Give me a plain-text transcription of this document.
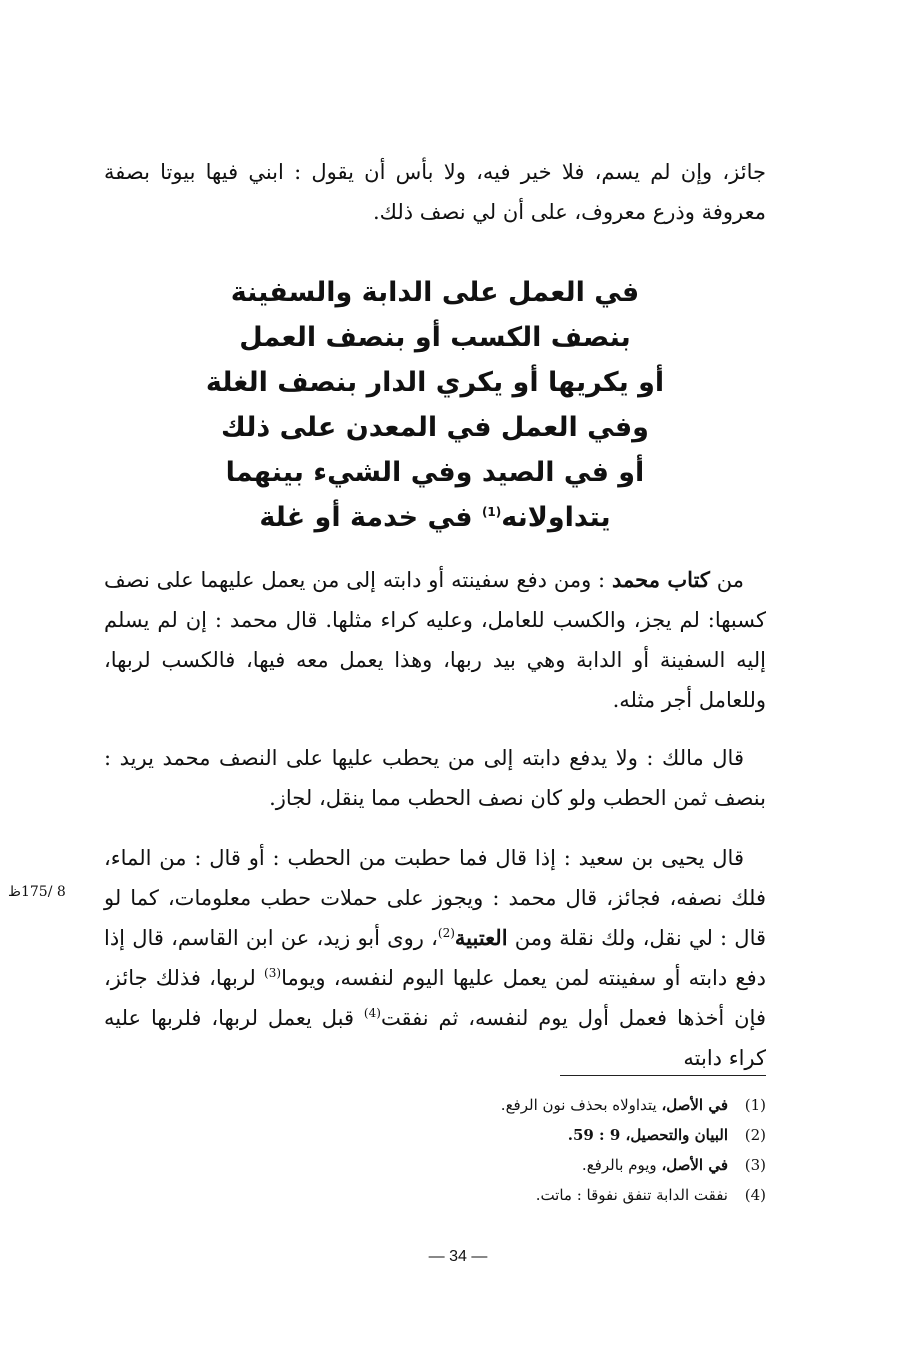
جائز، وإن لم يسم، فلا خير فيه، ولا بأس أن يقول : ابني فيها بيوتا بصفة معروفة وذرع معروف، على أن لي نصف ذلك.

في العمل على الدابة والسفينة
بنصف الكسب أو بنصف العمل
أو يكريها أو يكري الدار بنصف الغلة
وفي العمل في المعدن على ذلك
أو في الصيد وفي الشيء بينهما
يتداولانه$^{(1)}$ في خدمة أو غلة

من كتاب محمد : ومن دفع سفينته أو دابته إلى من يعمل عليهما على نصف كسبها: لم يجز، والكسب للعامل، وعليه كراء مثلها. قال محمد : إن لم يسلم إليه السفينة أو الدابة وهي بيد ربها، وهذا يعمل معه فيها، فالكسب لربها، وللعامل أجر مثله.

قال مالك : ولا يدفع دابته إلى من يحطب عليها على النصف محمد يريد : بنصف ثمن الحطب ولو كان نصف الحطب مما ينقل، لجاز.

قال يحيى بن سعيد : إذا قال فما حطبت من الحطب : أو قال : من الماء، فلك نصفه، فجائز، قال محمد : ويجوز على حملات حطب معلومات، كما لو قال : لي نقل، ولك نقلة ومن العتبية$^{(2)}$، روى أبو زيد، عن ابن القاسم، قال إذا دفع دابته أو سفينته لمن يعمل عليها اليوم لنفسه، ويوما$^{(3)}$ لربها، فذلك جائز، فإن أخذها فعمل أول يوم لنفسه، ثم نفقت$^{(4)}$ قبل يعمل لربها، فلربها عليه كراء دابته

8 /175ظ
(1)
في الأصل، يتداولاه بحذف نون الرفع.
(2)
البيان والتحصيل، 9 : 59.
(3)
في الأصل، ويوم بالرفع.
(4)
نفقت الدابة تنفق نفوقا : ماتت.
— 34 —
